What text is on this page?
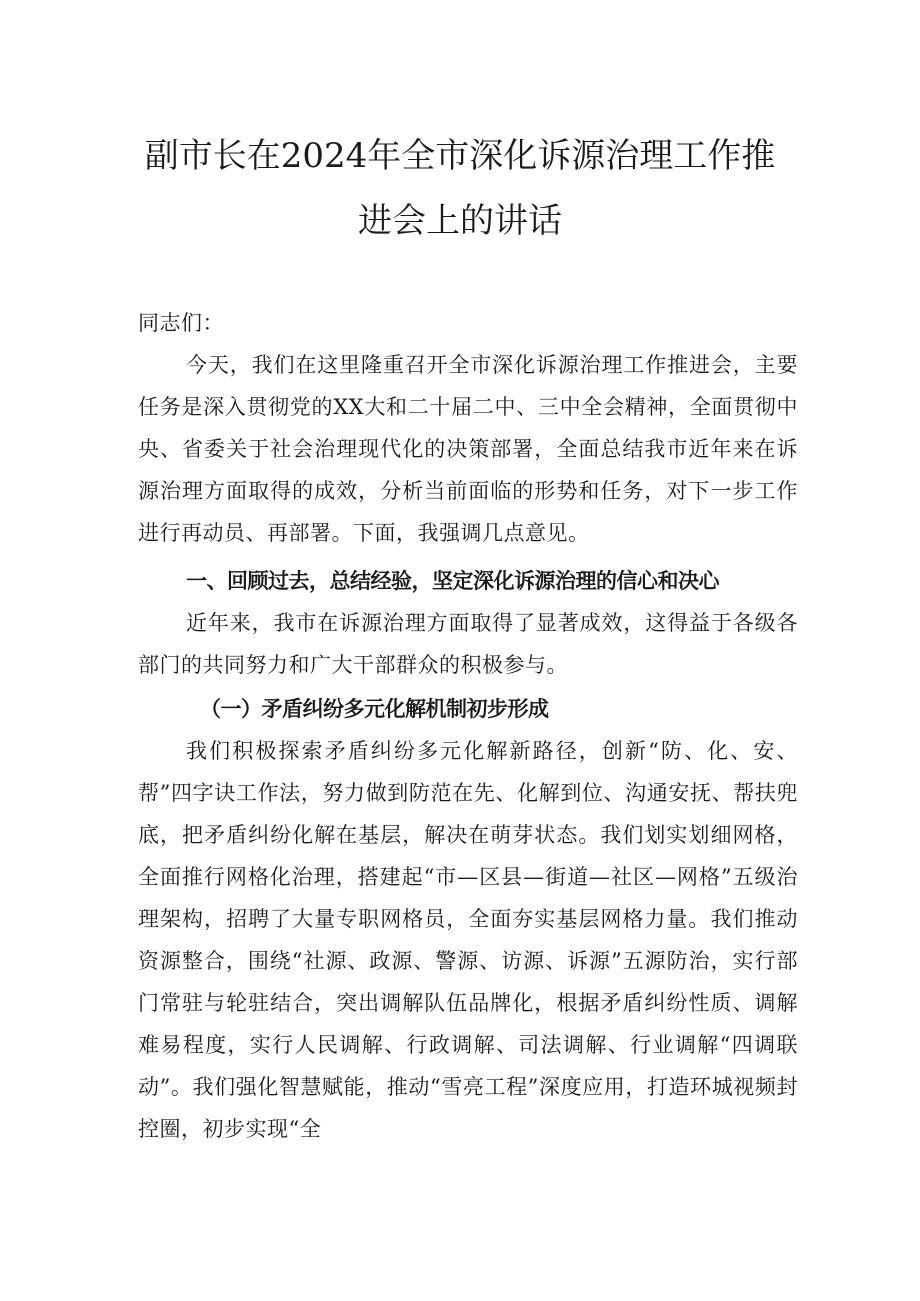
副市长在2024年全市深化诉源治理工作推
进会上的讲话
同志们：
今天，我们在这里隆重召开全市深化诉源治理工作推进会，主要任务是深入贯彻党的XX大和二十届二中、三中全会精神，全面贯彻中央、省委关于社会治理现代化的决策部署，全面总结我市近年来在诉源治理方面取得的成效，分析当前面临的形势和任务，对下一步工作进行再动员、再部署。下面，我强调几点意见。
一、回顾过去，总结经验，坚定深化诉源治理的信心和决心
近年来，我市在诉源治理方面取得了显著成效，这得益于各级各部门的共同努力和广大干部群众的积极参与。
（一）矛盾纠纷多元化解机制初步形成
我们积极探索矛盾纠纷多元化解新路径，创新“防、化、安、帮”四字诀工作法，努力做到防范在先、化解到位、沟通安抚、帮扶兜底，把矛盾纠纷化解在基层，解决在萌芽状态。我们划实划细网格，全面推行网格化治理，搭建起“市—区县—街道—社区—网格”五级治理架构，招聘了大量专职网格员，全面夯实基层网格力量。我们推动资源整合，围绕“社源、政源、警源、访源、诉源”五源防治，实行部门常驻与轮驻结合，突出调解队伍品牌化，根据矛盾纠纷性质、调解难易程度，实行人民调解、行政调解、司法调解、行业调解“四调联动”。我们强化智慧赋能，推动“雪亮工程”深度应用，打造环城视频封控圈，初步实现“全
